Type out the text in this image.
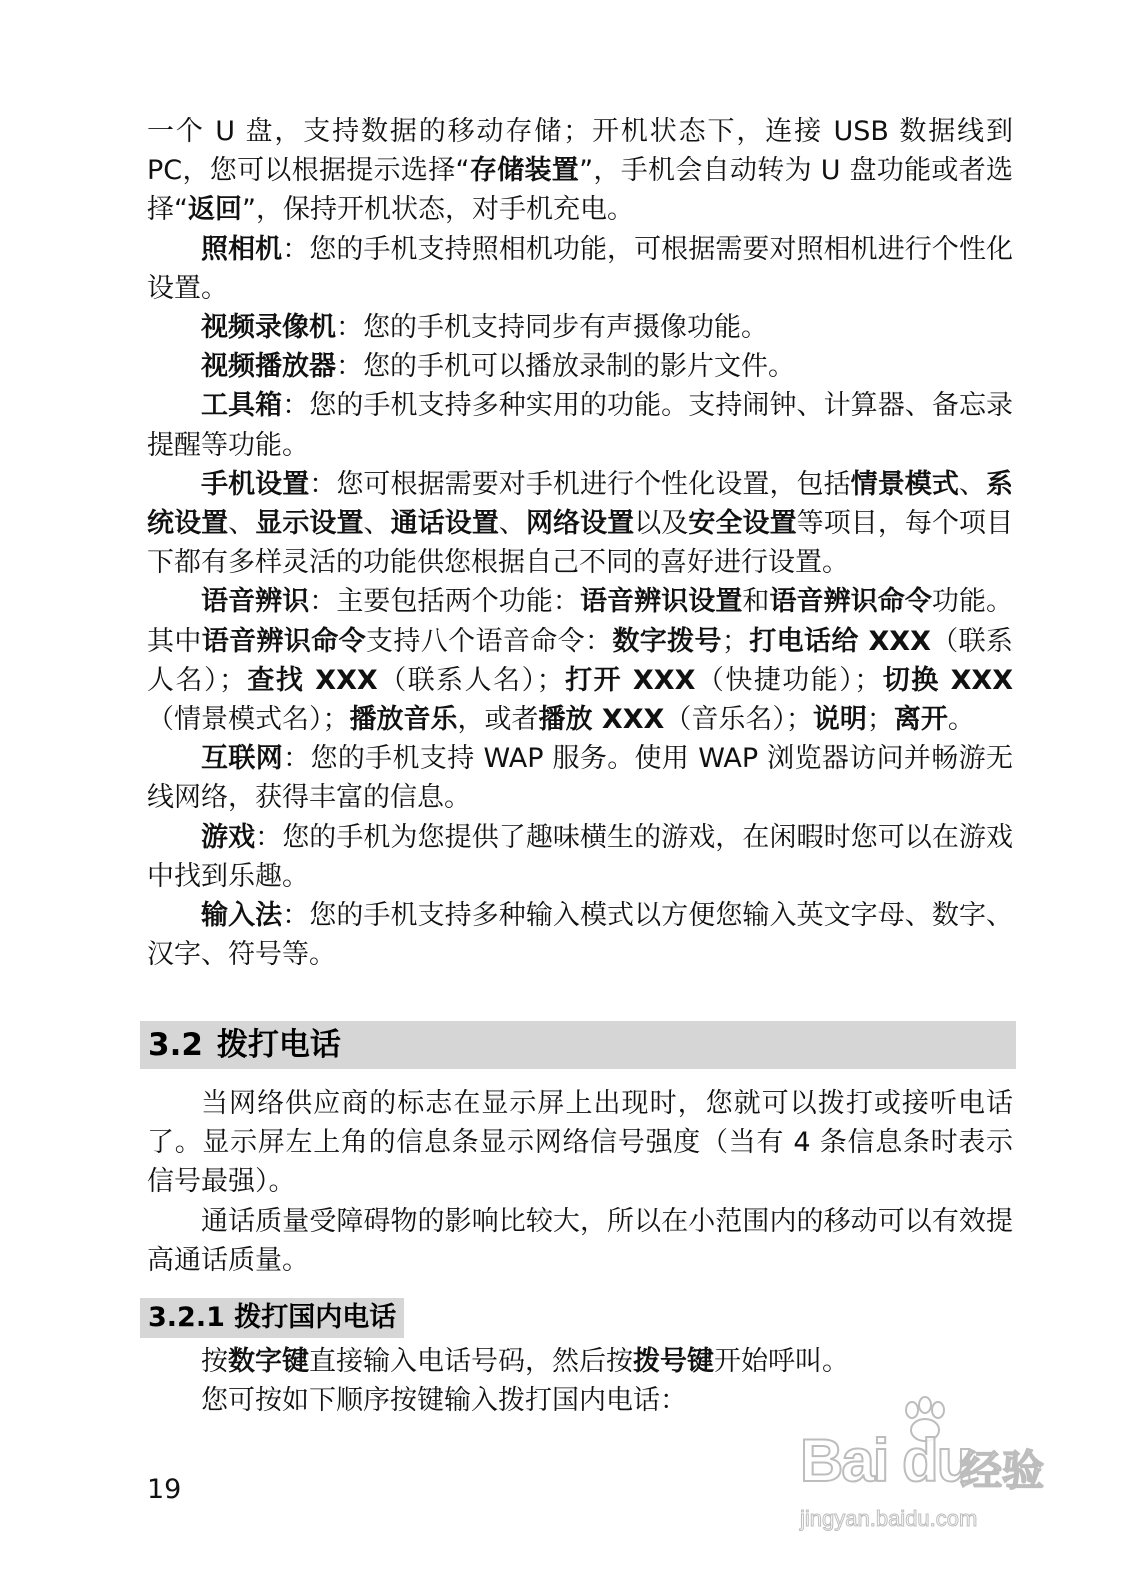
一个 U 盘，支持数据的移动存储；开机状态下，连接 USB 数据线到 PC，您可以根据提示选择“存储装置”，手机会自动转为 U 盘功能或者选择“返回”，保持开机状态，对手机充电。

照相机：您的手机支持照相机功能，可根据需要对照相机进行个性化设置。

视频录像机：您的手机支持同步有声摄像功能。

视频播放器：您的手机可以播放录制的影片文件。

工具箱：您的手机支持多种实用的功能。支持闹钟、计算器、备忘录提醒等功能。

手机设置：您可根据需要对手机进行个性化设置，包括情景模式、系统设置、显示设置、通话设置、网络设置以及安全设置等项目，每个项目下都有多样灵活的功能供您根据自己不同的喜好进行设置。

语音辨识：主要包括两个功能：语音辨识设置和语音辨识命令功能。其中语音辨识命令支持八个语音命令：数字拨号；打电话给 XXX（联系人名）；查找 XXX（联系人名）；打开 XXX（快捷功能）；切换 XXX（情景模式名）；播放音乐，或者播放 XXX（音乐名）；说明；离开。

互联网：您的手机支持 WAP 服务。使用 WAP 浏览器访问并畅游无线网络，获得丰富的信息。

游戏：您的手机为您提供了趣味横生的游戏，在闲暇时您可以在游戏中找到乐趣。

输入法：您的手机支持多种输入模式以方便您输入英文字母、数字、汉字、符号等。

3.2 拨打电话

当网络供应商的标志在显示屏上出现时，您就可以拨打或接听电话了。显示屏左上角的信息条显示网络信号强度（当有 4 条信息条时表示信号最强）。

通话质量受障碍物的影响比较大，所以在小范围内的移动可以有效提高通话质量。

3.2.1 拨打国内电话

按数字键直接输入电话号码，然后按拨号键开始呼叫。

您可按如下顺序按键输入拨打国内电话：

19	Bai du
经验
jingyan.baidu.com
